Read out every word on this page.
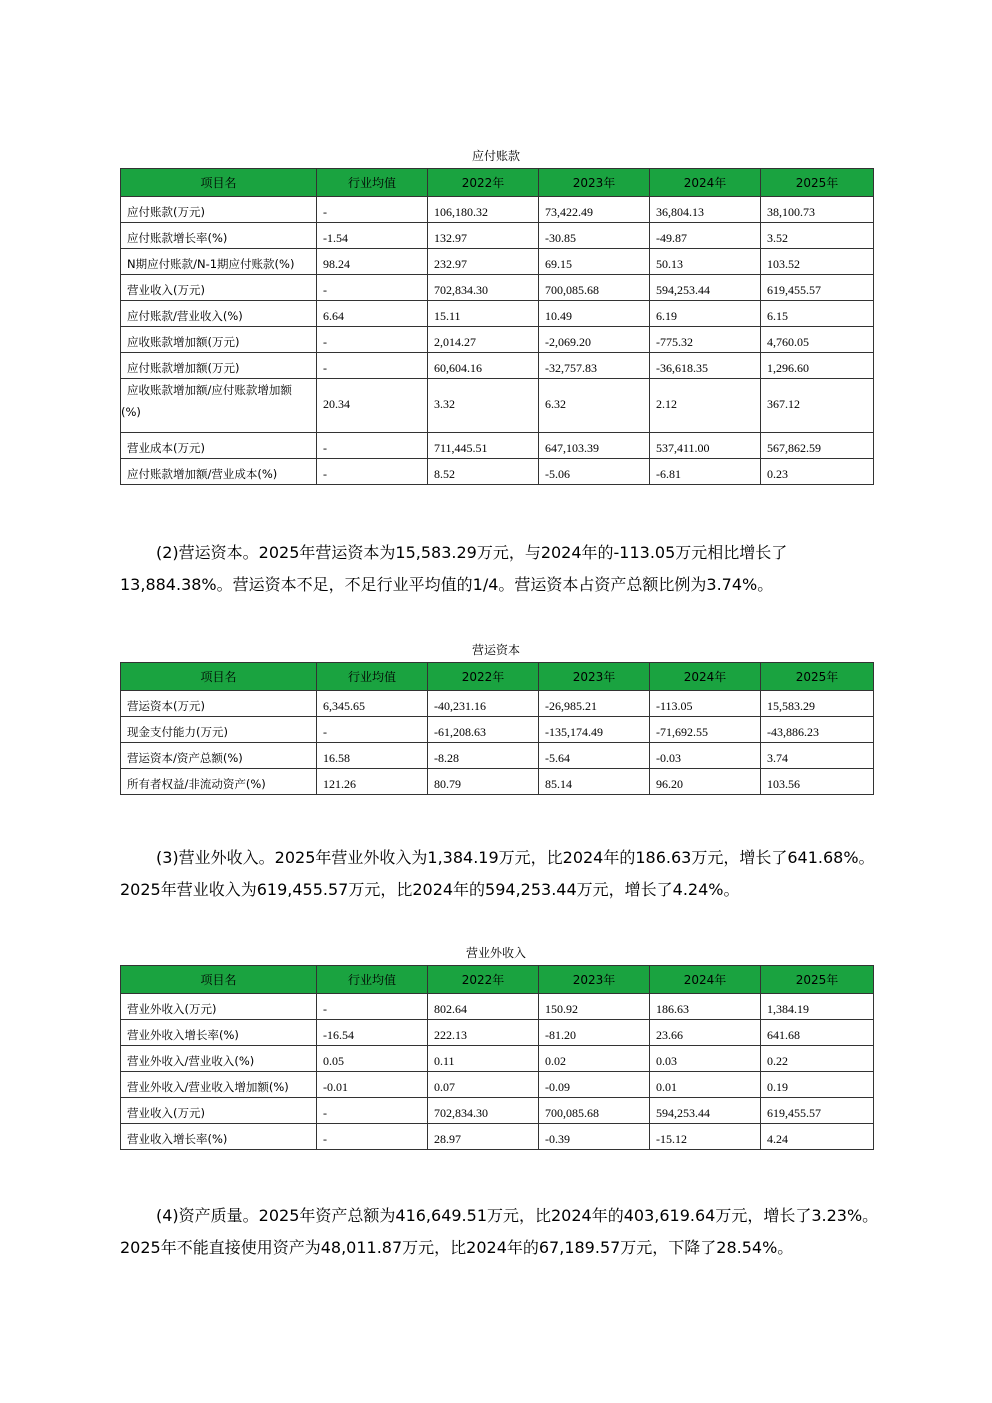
应付账款
项目名	行业均值	2022年	2023年	2024年	2025年
应付账款(万元)	-	106,180.32	73,422.49	36,804.13	38,100.73
应付账款增长率(%)	-1.54	132.97	-30.85	-49.87	3.52
N期应付账款/N-1期应付账款(%)	98.24	232.97	69.15	50.13	103.52
营业收入(万元)	-	702,834.30	700,085.68	594,253.44	619,455.57
应付账款/营业收入(%)	6.64	15.11	10.49	6.19	6.15
应收账款增加额(万元)	-	2,014.27	-2,069.20	-775.32	4,760.05
应付账款增加额(万元)	-	60,604.16	-32,757.83	-36,618.35	1,296.60
应收账款增加额/应付账款增加额(%)	20.34	3.32	6.32	2.12	367.12
营业成本(万元)	-	711,445.51	647,103.39	537,411.00	567,862.59
应付账款增加额/营业成本(%)	-	8.52	-5.06	-6.81	0.23
(2)营运资本。2025年营运资本为15,583.29万元，与2024年的-113.05万元相比增长了13,884.38%。营运资本不足，不足行业平均值的1/4。营运资本占资产总额比例为3.74%。
营运资本
项目名	行业均值	2022年	2023年	2024年	2025年
营运资本(万元)	6,345.65	-40,231.16	-26,985.21	-113.05	15,583.29
现金支付能力(万元)	-	-61,208.63	-135,174.49	-71,692.55	-43,886.23
营运资本/资产总额(%)	16.58	-8.28	-5.64	-0.03	3.74
所有者权益/非流动资产(%)	121.26	80.79	85.14	96.20	103.56
(3)营业外收入。2025年营业外收入为1,384.19万元，比2024年的186.63万元，增长了641.68%。2025年营业收入为619,455.57万元，比2024年的594,253.44万元，增长了4.24%。
营业外收入
项目名	行业均值	2022年	2023年	2024年	2025年
营业外收入(万元)	-	802.64	150.92	186.63	1,384.19
营业外收入增长率(%)	-16.54	222.13	-81.20	23.66	641.68
营业外收入/营业收入(%)	0.05	0.11	0.02	0.03	0.22
营业外收入/营业收入增加额(%)	-0.01	0.07	-0.09	0.01	0.19
营业收入(万元)	-	702,834.30	700,085.68	594,253.44	619,455.57
营业收入增长率(%)	-	28.97	-0.39	-15.12	4.24
(4)资产质量。2025年资产总额为416,649.51万元，比2024年的403,619.64万元，增长了3.23%。2025年不能直接使用资产为48,011.87万元，比2024年的67,189.57万元，下降了28.54%。
